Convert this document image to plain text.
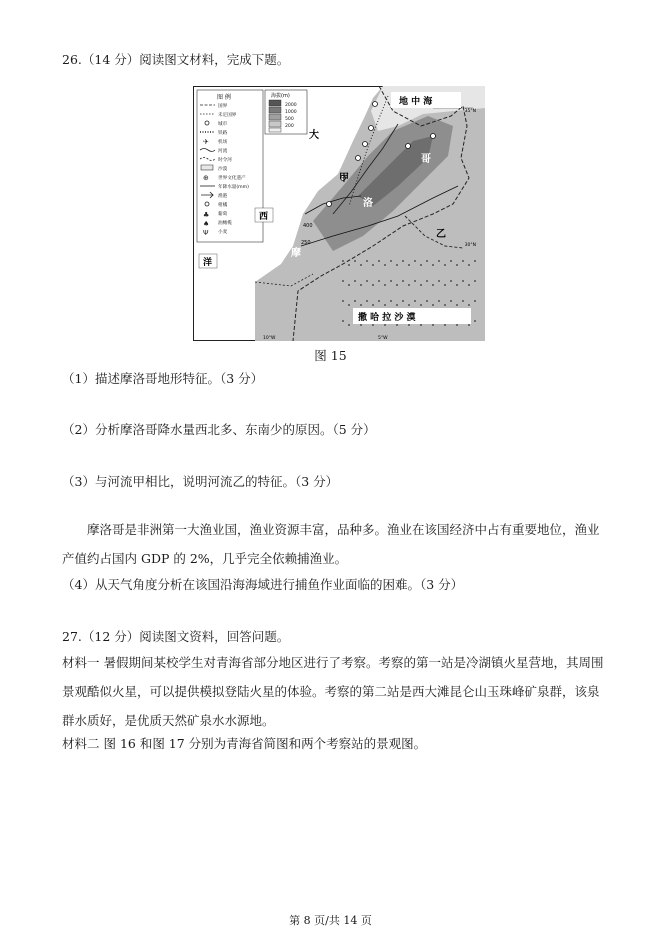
26.（14 分）阅读图文材料，完成下题。
图 例
✈
⊕
♣
♠
Ψ
国界
未定国界
城市
铁路
机场
河流
时令河
沙漠
世界文化遗产
年降水量(mm)
渔港
柑橘
葡萄
油橄榄
小麦
海拔(m)
2000
1000
500
200
地 中 海
35°N
30°N
大
西
洋
甲
乙
摩
洛
哥
撒 哈 拉 沙 漠
400
250
10°W	5°W
图 15
（1）描述摩洛哥地形特征。（3 分）
（2）分析摩洛哥降水量西北多、东南少的原因。（5 分）
（3）与河流甲相比，说明河流乙的特征。（3 分）

摩洛哥是非洲第一大渔业国，渔业资源丰富，品种多。渔业在该国经济中占有重要地位，渔业产值约占国内 GDP 的 2%，几乎完全依赖捕渔业。

（4）从天气角度分析在该国沿海海域进行捕鱼作业面临的困难。（3 分）
27.（12 分）阅读图文资料，回答问题。

材料一 暑假期间某校学生对青海省部分地区进行了考察。考察的第一站是冷湖镇火星营地，其周围景观酷似火星，可以提供模拟登陆火星的体验。考察的第二站是西大滩昆仑山玉珠峰矿泉群，该泉群水质好，是优质天然矿泉水水源地。

材料二 图 16 和图 17 分别为青海省简图和两个考察站的景观图。
第 8 页/共 14 页
